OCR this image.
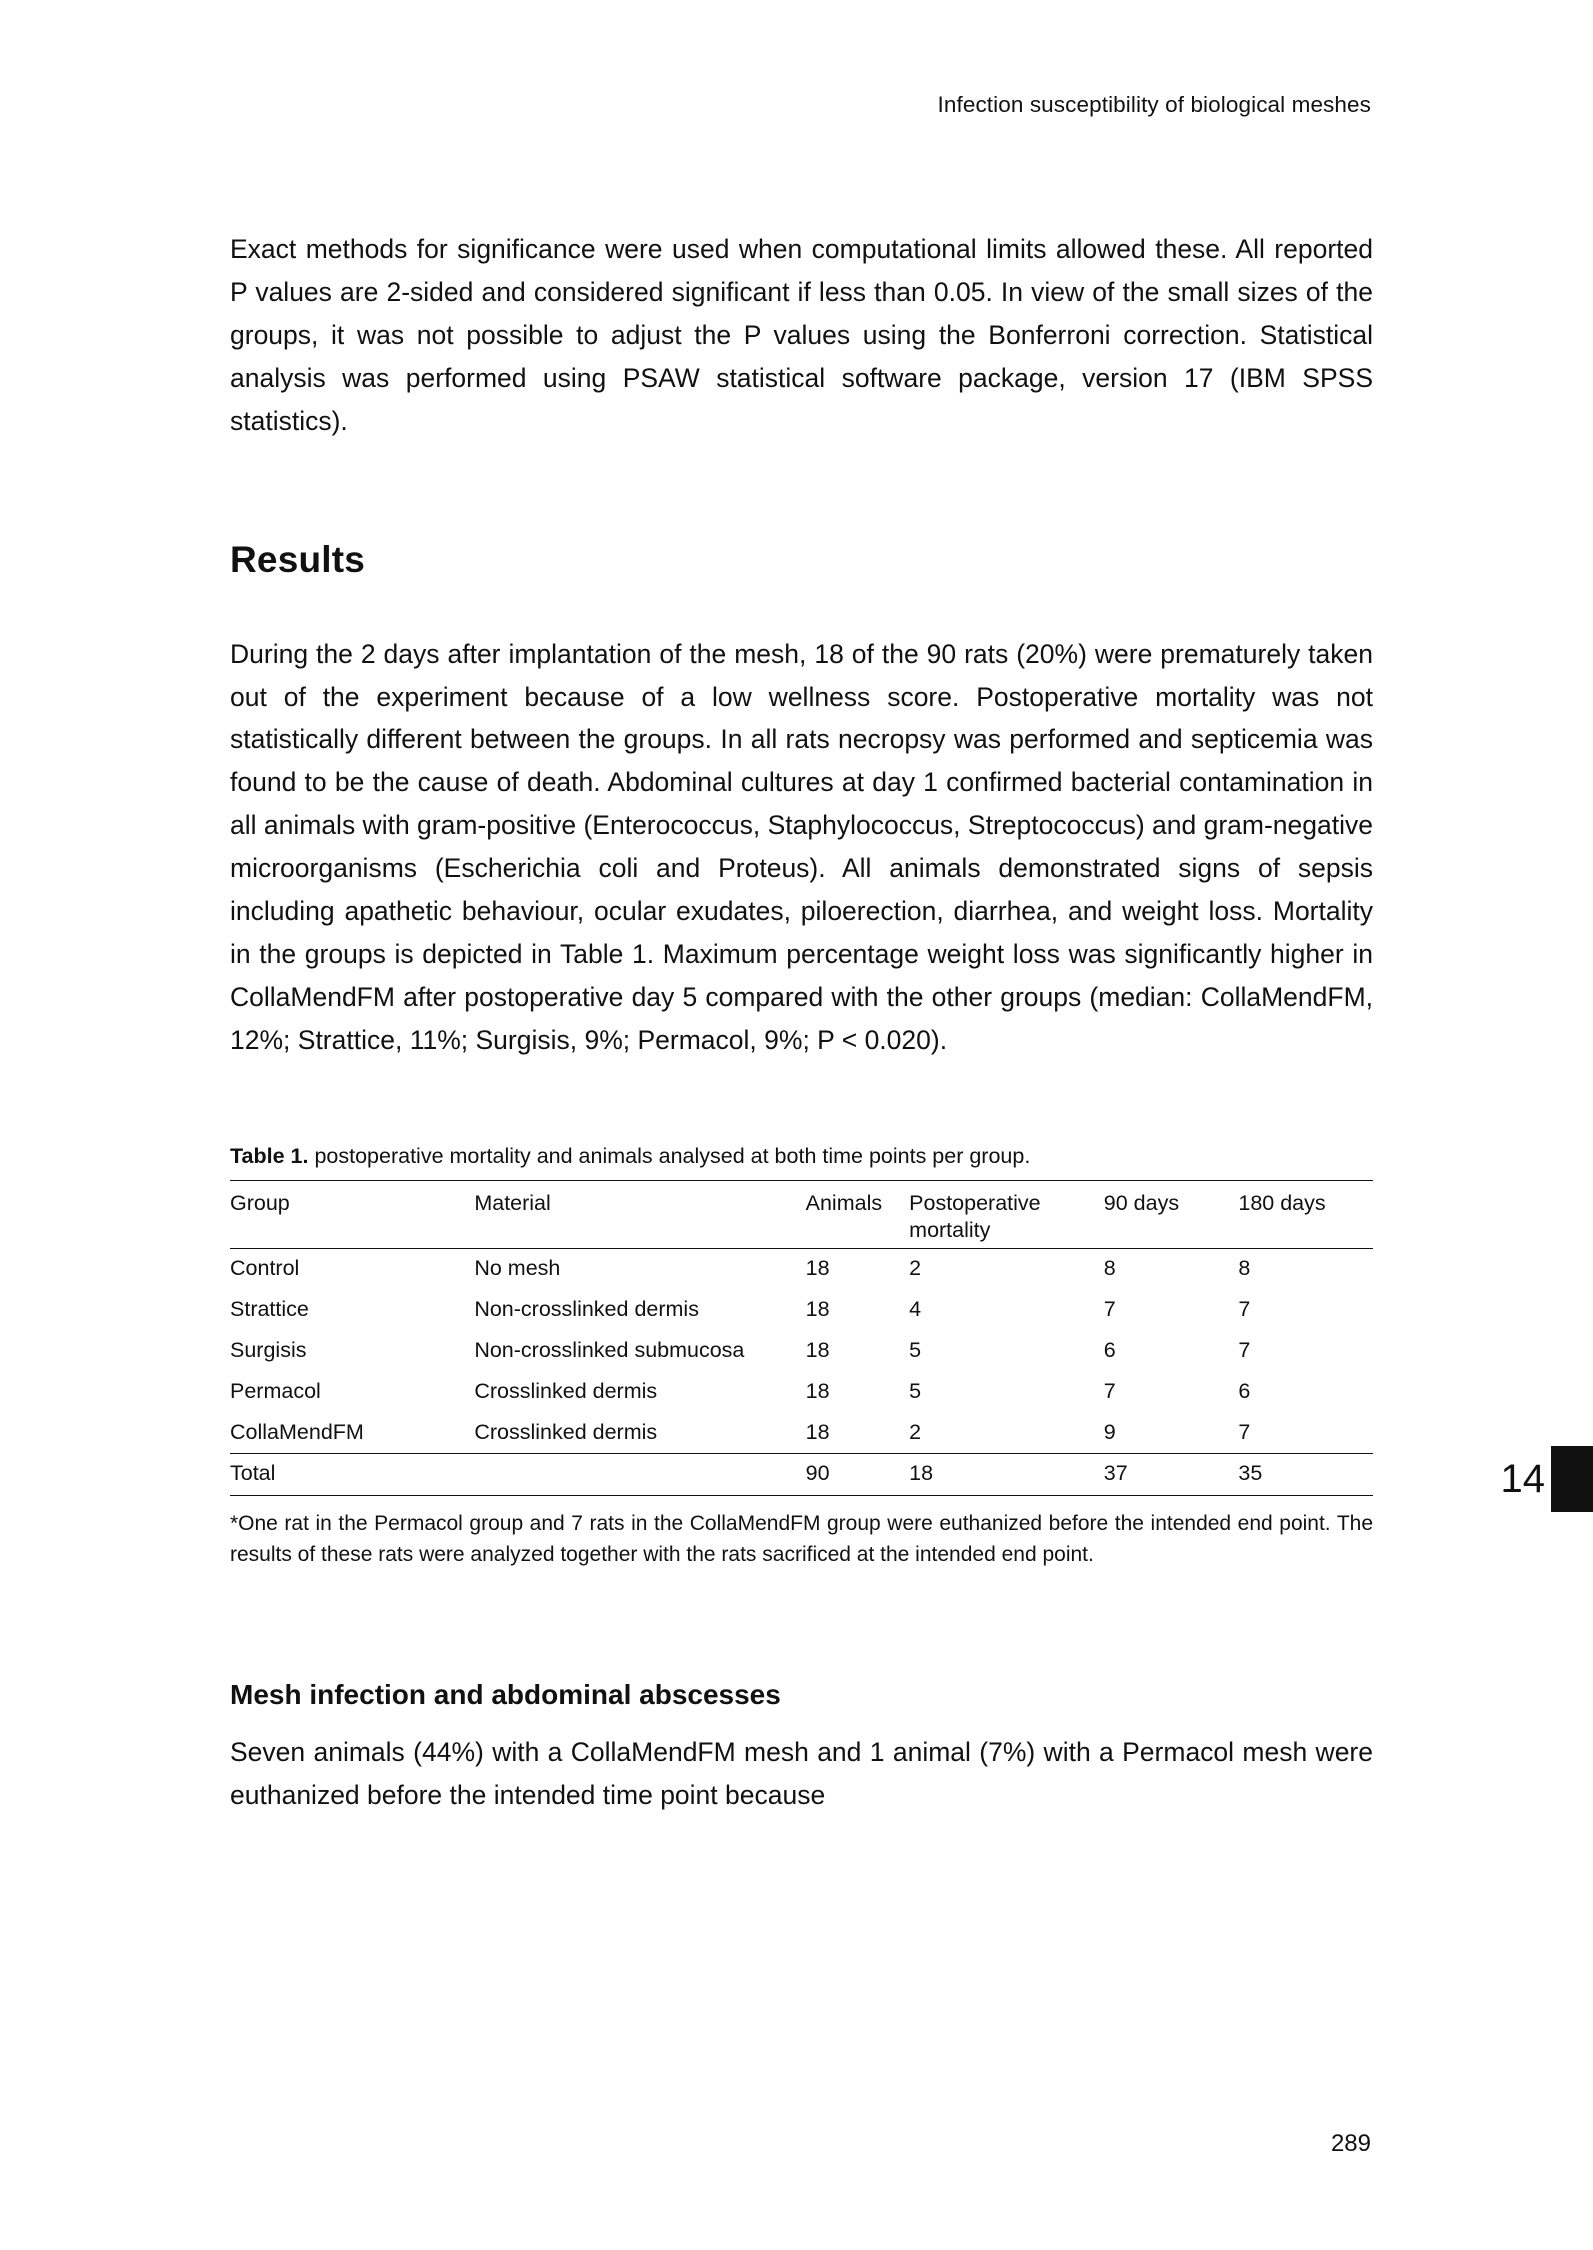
Infection susceptibility of biological meshes

Exact methods for significance were used when computational limits allowed these. All reported P values are 2-sided and considered significant if less than 0.05. In view of the small sizes of the groups, it was not possible to adjust the P values using the Bonferroni correction. Statistical analysis was performed using PSAW statistical software package, version 17 (IBM SPSS statistics).

Results

During the 2 days after implantation of the mesh, 18 of the 90 rats (20%) were prematurely taken out of the experiment because of a low wellness score. Postoperative mortality was not statistically different between the groups. In all rats necropsy was performed and septicemia was found to be the cause of death. Abdominal cultures at day 1 confirmed bacterial contamination in all animals with gram-positive (Enterococcus, Staphylococcus, Streptococcus) and gram-negative microorganisms (Escherichia coli and Proteus). All animals demonstrated signs of sepsis including apathetic behaviour, ocular exudates, piloerection, diarrhea, and weight loss. Mortality in the groups is depicted in Table 1. Maximum percentage weight loss was significantly higher in CollaMendFM after postoperative day 5 compared with the other groups (median: CollaMendFM, 12%; Strattice, 11%; Surgisis, 9%; Permacol, 9%; P < 0.020).

Table 1. postoperative mortality and animals analysed at both time points per group.
Group	Material	Animals	Postoperative mortality	90 days	180 days
Control	No mesh	18	2	8	8
Strattice	Non-crosslinked dermis	18	4	7	7
Surgisis	Non-crosslinked submucosa	18	5	6	7
Permacol	Crosslinked dermis	18	5	7	6
CollaMendFM	Crosslinked dermis	18	2	9	7
Total		90	18	37	35
*One rat in the Permacol group and 7 rats in the CollaMendFM group were euthanized before the intended end point. The results of these rats were analyzed together with the rats sacrificed at the intended end point.
Mesh infection and abdominal abscesses

Seven animals (44%) with a CollaMendFM mesh and 1 animal (7%) with a Permacol mesh were euthanized before the intended time point because

14
289
